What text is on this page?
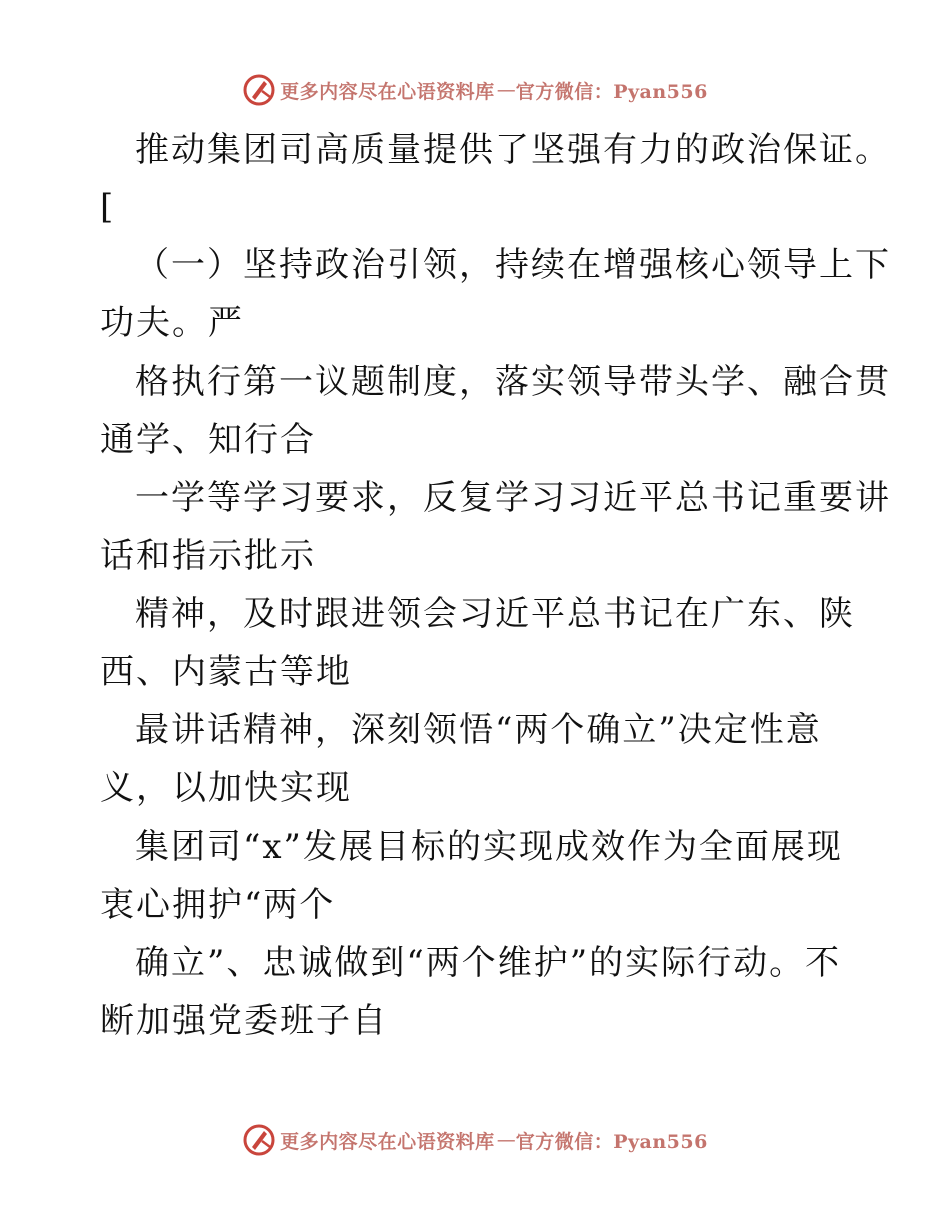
更多内容尽在心语资料库 — 官方微信：Pyan556
推动集团司高质量提供了坚强有力的政治保证。
[
（一）坚持政治引领，持续在增强核心领导上下
功夫。严
格执行第一议题制度，落实领导带头学、融合贯
通学、知行合
一学等学习要求，反复学习习近平总书记重要讲
话和指示批示
精神，及时跟进领会习近平总书记在广东、陕
西、内蒙古等地
最讲话精神，深刻领悟“两个确立”决定性意
义，以加快实现
集团司“x”发展目标的实现成效作为全面展现
衷心拥护“两个
确立”、忠诚做到“两个维护”的实际行动。不
断加强党委班子自
更多内容尽在心语资料库 — 官方微信：Pyan556
